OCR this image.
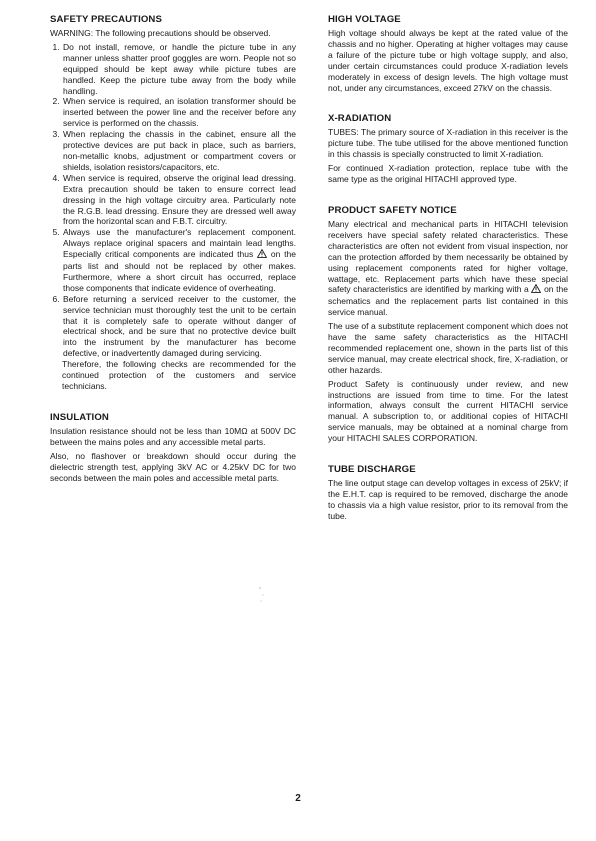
SAFETY PRECAUTIONS

WARNING: The following precautions should be observed.

1. Do not install, remove, or handle the picture tube in any manner unless shatter proof goggles are worn. People not so equipped should be kept away while picture tubes are handled. Keep the picture tube away from the body while handling.
2. When service is required, an isolation transformer should be inserted between the power line and the receiver before any service is performed on the chassis.
3. When replacing the chassis in the cabinet, ensure all the protective devices are put back in place, such as barriers, non-metallic knobs, adjustment or compartment covers or shields, isolation resistors/capacitors, etc.
4. When service is required, observe the original lead dressing. Extra precaution should be taken to ensure correct lead dressing in the high voltage circuitry area. Particularly note the R.G.B. lead dressing. Ensure they are dressed well away from the horizontal scan and F.B.T. circuitry.
5. Always use the manufacturer's replacement component. Always replace original spacers and maintain lead lengths. Especially critical components are indicated thus on the parts list and should not be replaced by other makes. Furthermore, where a short circuit has occurred, replace those components that indicate evidence of overheating.
6. Before returning a serviced receiver to the customer, the service technician must thoroughly test the unit to be certain that it is completely safe to operate without danger of electrical shock, and be sure that no protective device built into the instrument by the manufacturer has become defective, or inadvertently damaged during servicing.

Therefore, the following checks are recommended for the continued protection of the customers and service technicians.

INSULATION

Insulation resistance should not be less than 10MΩ at 500V DC between the mains poles and any accessible metal parts.

Also, no flashover or breakdown should occur during the dielectric strength test, applying 3kV AC or 4.25kV DC for two seconds between the main poles and accessible metal parts.

HIGH VOLTAGE

High voltage should always be kept at the rated value of the chassis and no higher. Operating at higher voltages may cause a failure of the picture tube or high voltage supply, and also, under certain circumstances could produce X-radiation levels moderately in excess of design levels. The high voltage must not, under any circumstances, exceed 27kV on the chassis.

X-RADIATION

TUBES: The primary source of X-radiation in this receiver is the picture tube. The tube utilised for the above mentioned function in this chassis is specially constructed to limit X-radiation.

For continued X-radiation protection, replace tube with the same type as the original HITACHI approved type.

PRODUCT SAFETY NOTICE

Many electrical and mechanical parts in HITACHI television receivers have special safety related characteristics. These characteristics are often not evident from visual inspection, nor can the protection afforded by them necessarily be obtained by using replacement components rated for higher voltage, wattage, etc. Replacement parts which have these special safety characteristics are identified by marking with a on the schematics and the replacement parts list contained in this service manual.

The use of a substitute replacement component which does not have the same safety characteristics as the HITACHI recommended replacement one, shown in the parts list of this service manual, may create electrical shock, fire, X-radiation, or other hazards.

Product Safety is continuously under review, and new instructions are issued from time to time. For the latest information, always consult the current HITACHI service manual. A subscription to, or additional copies of HITACHI service manuals, may be obtained at a nominal charge from your HITACHI SALES CORPORATION.

TUBE DISCHARGE

The line output stage can develop voltages in excess of 25kV; if the E.H.T. cap is required to be removed, discharge the anode to chassis via a high value resistor, prior to its removal from the tube.

2
